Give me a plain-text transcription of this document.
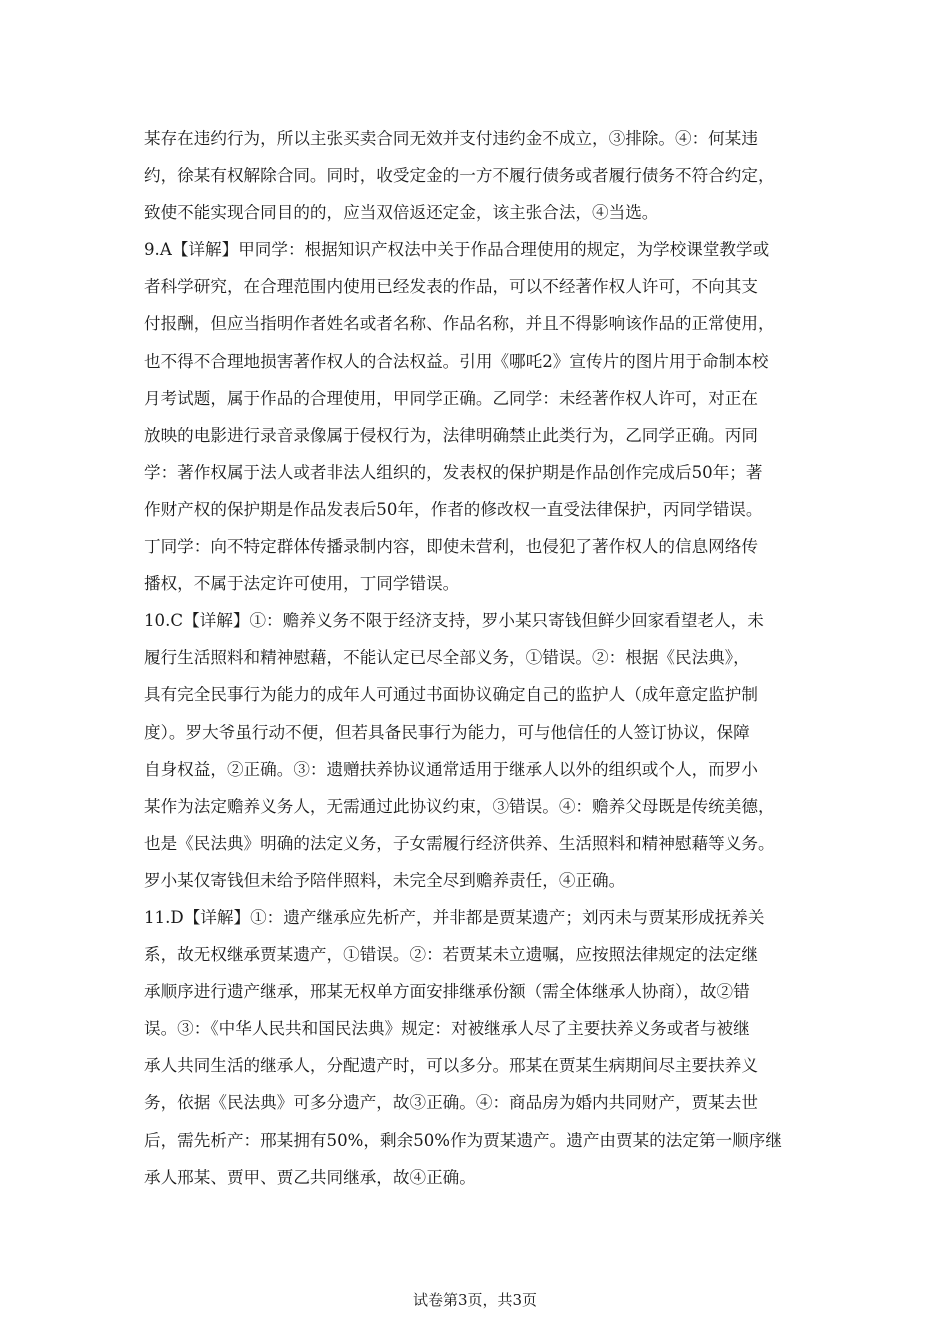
某存在违约行为，所以主张买卖合同无效并支付违约金不成立，③排除。④：何某违
约，徐某有权解除合同。同时，收受定金的一方不履行债务或者履行债务不符合约定，
致使不能实现合同目的的，应当双倍返还定金，该主张合法，④当选。
9.A【详解】甲同学：根据知识产权法中关于作品合理使用的规定，为学校课堂教学或
者科学研究，在合理范围内使用已经发表的作品，可以不经著作权人许可，不向其支
付报酬，但应当指明作者姓名或者名称、作品名称，并且不得影响该作品的正常使用，
也不得不合理地损害著作权人的合法权益。引用《哪吒2》宣传片的图片用于命制本校
月考试题，属于作品的合理使用，甲同学正确。乙同学：未经著作权人许可，对正在
放映的电影进行录音录像属于侵权行为，法律明确禁止此类行为，乙同学正确。丙同
学：著作权属于法人或者非法人组织的，发表权的保护期是作品创作完成后50年；著
作财产权的保护期是作品发表后50年，作者的修改权一直受法律保护，丙同学错误。
丁同学：向不特定群体传播录制内容，即使未营利，也侵犯了著作权人的信息网络传
播权，不属于法定许可使用，丁同学错误。
10.C【详解】①：赡养义务不限于经济支持，罗小某只寄钱但鲜少回家看望老人，未
履行生活照料和精神慰藉，不能认定已尽全部义务，①错误。②：根据《民法典》，
具有完全民事行为能力的成年人可通过书面协议确定自己的监护人（成年意定监护制
度）。罗大爷虽行动不便，但若具备民事行为能力，可与他信任的人签订协议，保障
自身权益，②正确。③：遗赠扶养协议通常适用于继承人以外的组织或个人，而罗小
某作为法定赡养义务人，无需通过此协议约束，③错误。④：赡养父母既是传统美德，
也是《民法典》明确的法定义务，子女需履行经济供养、生活照料和精神慰藉等义务。
罗小某仅寄钱但未给予陪伴照料，未完全尽到赡养责任，④正确。
11.D【详解】①：遗产继承应先析产，并非都是贾某遗产；刘丙未与贾某形成抚养关
系，故无权继承贾某遗产，①错误。②：若贾某未立遗嘱，应按照法律规定的法定继
承顺序进行遗产继承，邢某无权单方面安排继承份额（需全体继承人协商），故②错
误。③：《中华人民共和国民法典》规定：对被继承人尽了主要扶养义务或者与被继
承人共同生活的继承人，分配遗产时，可以多分。邢某在贾某生病期间尽主要扶养义
务，依据《民法典》可多分遗产，故③正确。④：商品房为婚内共同财产，贾某去世
后，需先析产：邢某拥有50%，剩余50%作为贾某遗产。遗产由贾某的法定第一顺序继
承人邢某、贾甲、贾乙共同继承，故④正确。
试卷第3页，共3页
